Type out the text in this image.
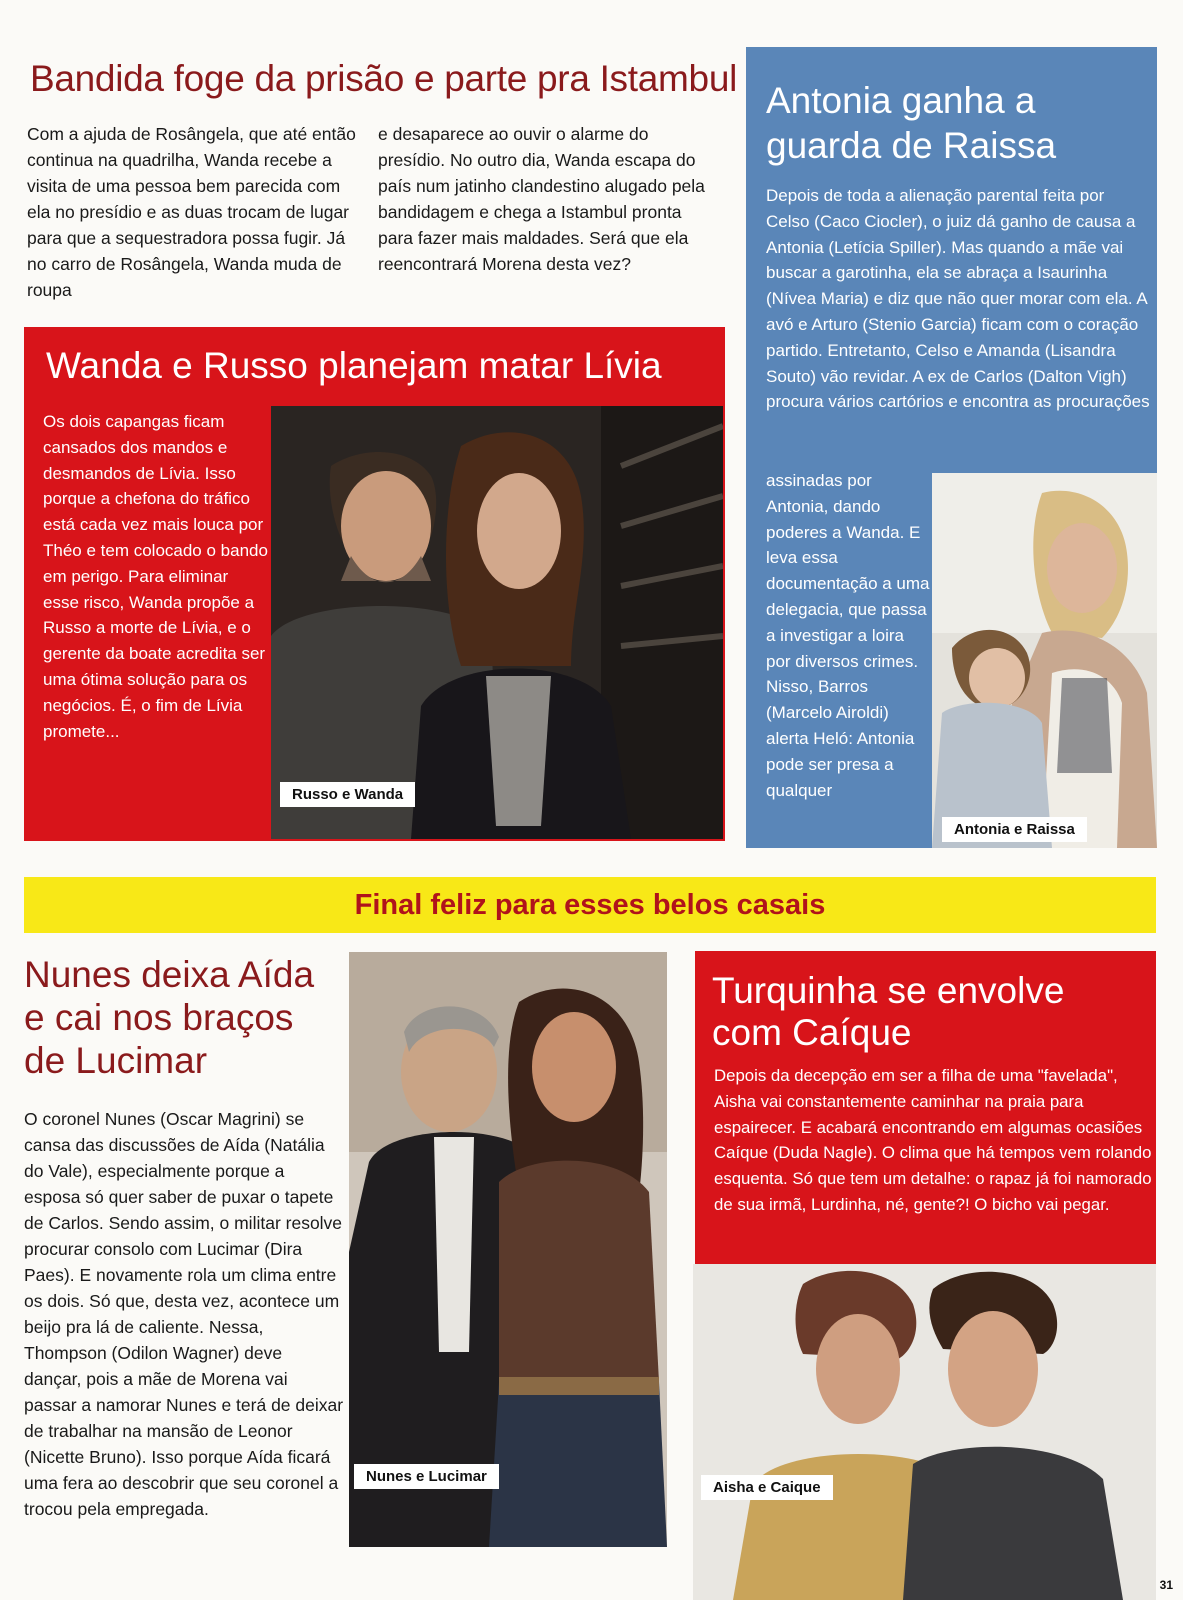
Bandida foge da prisão e parte pra Istambul

Com a ajuda de Rosângela, que até então continua na quadrilha, Wanda recebe a visita de uma pessoa bem parecida com ela no presídio e as duas trocam de lugar para que a sequestradora possa fugir. Já no carro de Rosângela, Wanda muda de roupa

e desaparece ao ouvir o alarme do presídio. No outro dia, Wanda escapa do país num jatinho clandestino alugado pela bandidagem e chega a Istambul pronta para fazer mais maldades. Será que ela reencontrará Morena desta vez?

Antonia ganha a guarda de Raissa

Depois de toda a alienação parental feita por Celso (Caco Ciocler), o juiz dá ganho de causa a Antonia (Letícia Spiller). Mas quando a mãe vai buscar a garotinha, ela se abraça a Isaurinha (Nívea Maria) e diz que não quer morar com ela. A avó e Arturo (Stenio Garcia) ficam com o coração partido. Entretanto, Celso e Amanda (Lisandra Souto) vão revidar. A ex de Carlos (Dalton Vigh) procura vários cartórios e encontra as procurações

assinadas por Antonia, dando poderes a Wanda. E leva essa documentação a uma delegacia, que passa a investigar a loira por diversos crimes. Nisso, Barros (Marcelo Airoldi) alerta Heló: Antonia pode ser presa a qualquer

Antonia e Raissa
Wanda e Russo planejam matar Lívia

Os dois capangas ficam cansados dos mandos e desmandos de Lívia. Isso porque a chefona do tráfico está cada vez mais louca por Théo e tem colocado o bando em perigo. Para eliminar esse risco, Wanda propõe a Russo a morte de Lívia, e o gerente da boate acredita ser uma ótima solução para os negócios. É, o fim de Lívia promete...

Russo e Wanda

Final feliz para esses belos casais

Nunes deixa Aída e cai nos braços de Lucimar

O coronel Nunes (Oscar Magrini) se cansa das discussões de Aída (Natália do Vale), especialmente porque a esposa só quer saber de puxar o tapete de Carlos. Sendo assim, o militar resolve procurar consolo com Lucimar (Dira Paes). E novamente rola um clima entre os dois. Só que, desta vez, acontece um beijo pra lá de caliente. Nessa, Thompson (Odilon Wagner) deve dançar, pois a mãe de Morena vai passar a namorar Nunes e terá de deixar de trabalhar na mansão de Leonor (Nicette Bruno). Isso porque Aída ficará uma fera ao descobrir que seu coronel a trocou pela empregada.

Nunes e Lucimar
Turquinha se envolve com Caíque

Depois da decepção em ser a filha de uma "favelada", Aisha vai constantemente caminhar na praia para espairecer. E acabará encontrando em algumas ocasiões Caíque (Duda Nagle). O clima que há tempos vem rolando esquenta. Só que tem um detalhe: o rapaz já foi namorado de sua irmã, Lurdinha, né, gente?! O bicho vai pegar.

Aisha e Caique
31
